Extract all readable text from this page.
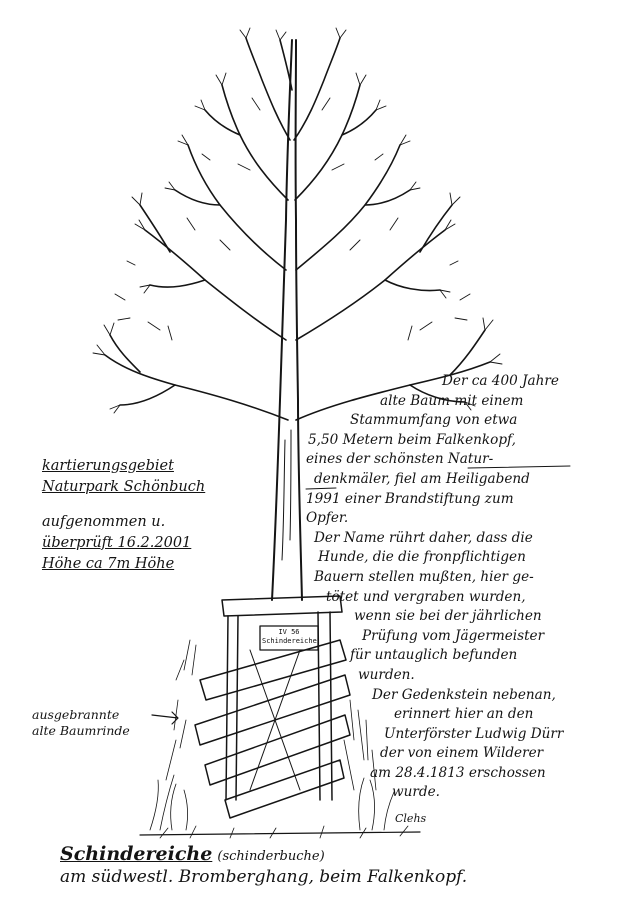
kartierungsgebiet
Naturpark Schönbuch
aufgenommen u.
überprüft 16.2.2001
Höhe ca 7m Höhe
Der ca 400 Jahre
alte Baum mit einem
Stammumfang von etwa
5,50 Metern beim Falkenkopf,
eines der schönsten Natur-
denkmäler, fiel am Heiligabend
1991 einer Brandstiftung zum
Opfer.
Der Name rührt daher, dass die
Hunde, die die fronpflichtigen
Bauern stellen mußten, hier ge-
tötet und vergraben wurden,
wenn sie bei der jährlichen
Prüfung vom Jägermeister
für untauglich befunden
wurden.
Der Gedenkstein nebenan,
erinnert hier an den
Unterförster Ludwig Dürr
der von einem Wilderer
am 28.4.1813 erschossen
wurde.
ausgebrannte
alte Baumrinde
IV 56
Schindereiche
Clehs
Schindereiche (schinderbuche)
am südwestl. Bromberghang, beim Falkenkopf.
